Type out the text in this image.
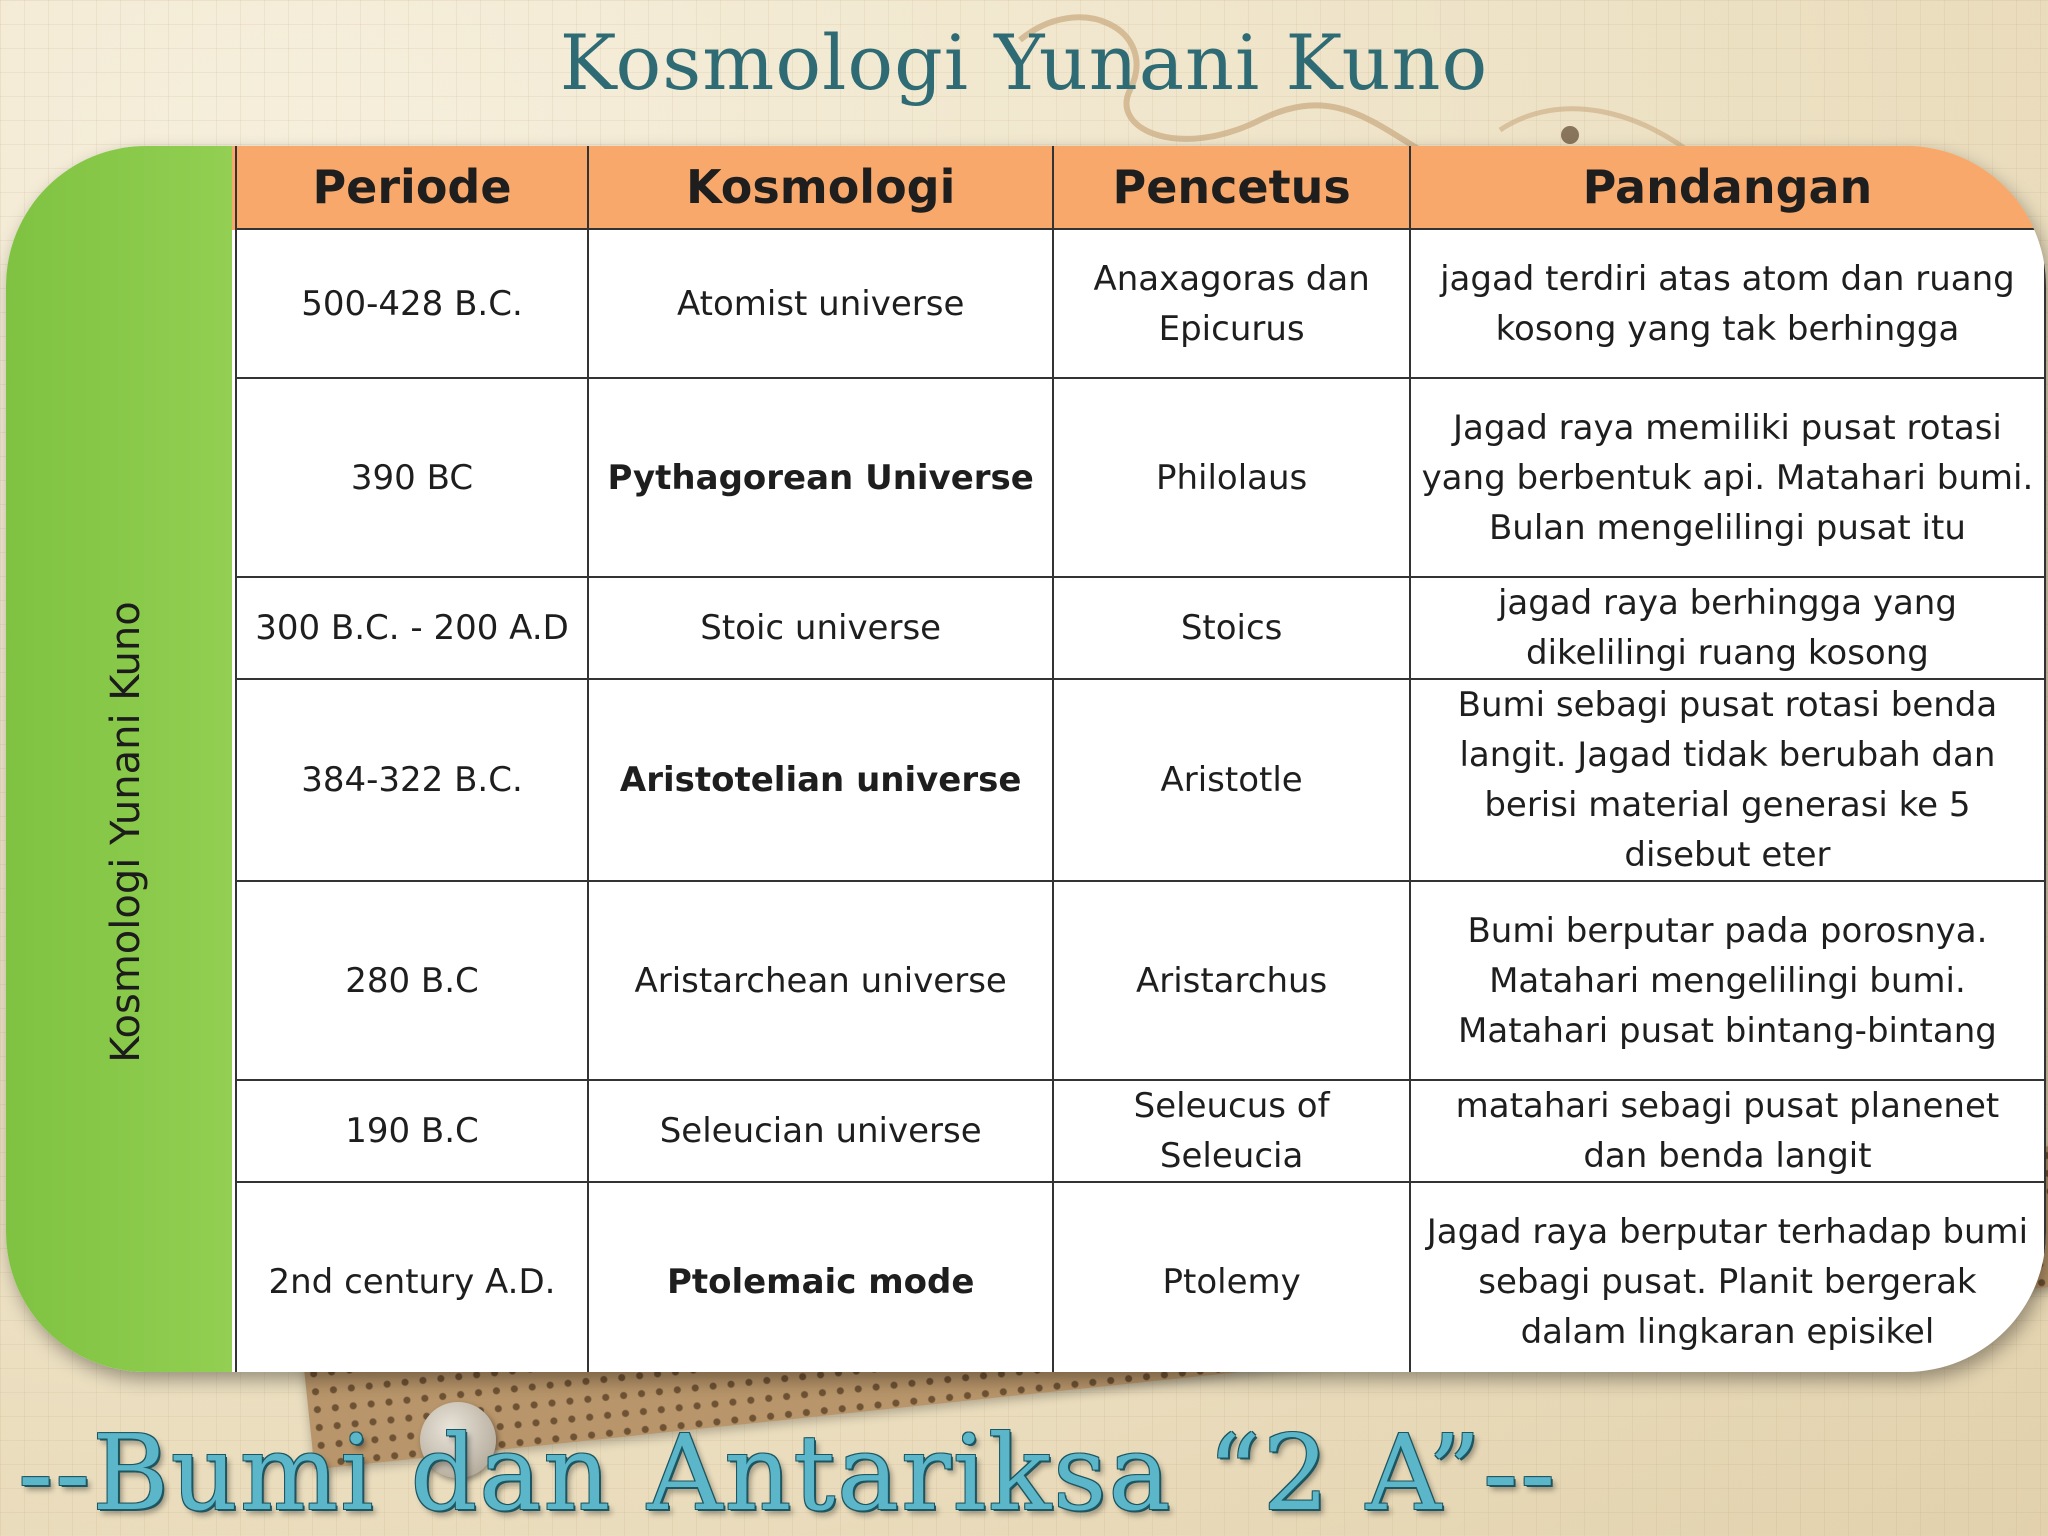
Kosmologi Yunani Kuno
Kosmologi Yunani Kuno
Periode	Kosmologi	Pencetus	Pandangan
500-428 B.C.	Atomist universe	Anaxagoras dan Epicurus	jagad terdiri atas atom dan ruang kosong yang tak berhingga
390 BC	Pythagorean Universe	Philolaus	Jagad raya memiliki pusat rotasi yang berbentuk api. Matahari bumi. Bulan mengelilingi pusat itu
300 B.C. - 200 A.D	Stoic universe	Stoics	jagad raya berhingga yang dikelilingi ruang kosong
384-322 B.C.	Aristotelian universe	Aristotle	Bumi sebagi pusat rotasi benda langit. Jagad tidak berubah dan berisi material generasi ke 5 disebut eter
280 B.C	Aristarchean universe	Aristarchus	Bumi berputar pada porosnya. Matahari mengelilingi bumi. Matahari pusat bintang-bintang
190 B.C	Seleucian universe	Seleucus of Seleucia	matahari sebagi pusat planenet dan benda langit
2nd century A.D.	Ptolemaic mode	Ptolemy	Jagad raya berputar terhadap bumi sebagi pusat. Planit bergerak dalam lingkaran episikel
--Bumi dan Antariksa “2 A”--
